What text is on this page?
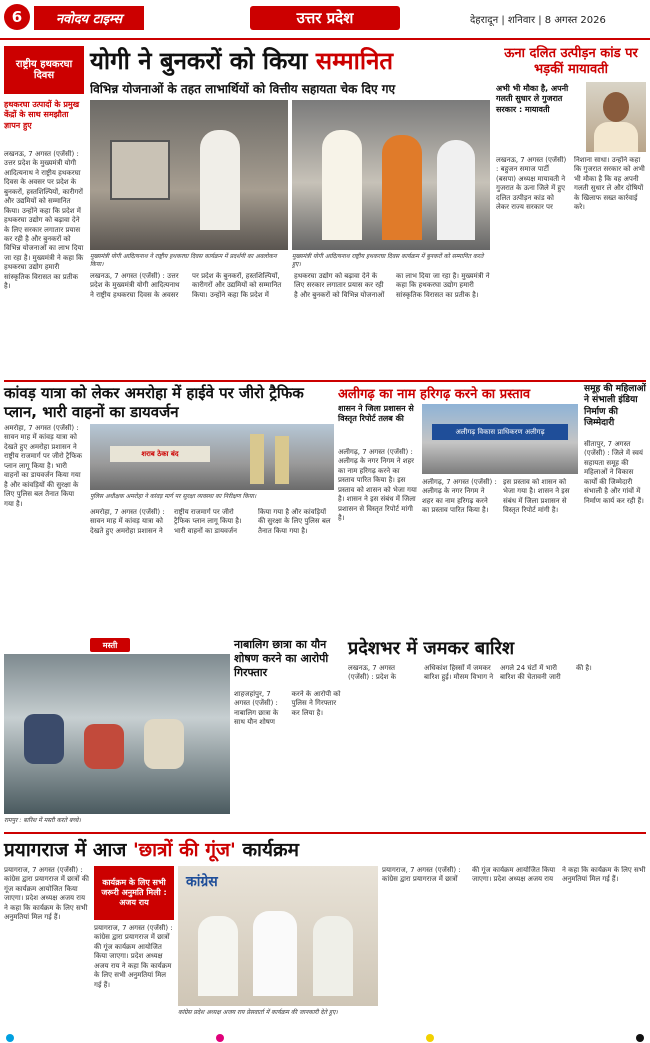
6	नवोदय टाइम्स	उत्तर प्रदेश	देहरादून | शनिवार | 8 अगस्त 2026
राष्ट्रीय हथकरघा दिवस
योगी ने बुनकरों को किया सम्मानित
विभिन्न योजनाओं के तहत लाभार्थियों को वित्तीय सहायता चेक दिए गए
हथकरघा उत्पादों के प्रमुख केंद्रों के साथ समझौता ज्ञापन हुए
लखनऊ, 7 अगस्त (एजेंसी) : उत्तर प्रदेश के मुख्यमंत्री योगी आदित्यनाथ ने राष्ट्रीय हथकरघा दिवस के अवसर पर प्रदेश के बुनकरों, हस्तशिल्पियों, कारीगरों और उद्यमियों को सम्मानित किया। उन्होंने कहा कि प्रदेश में हथकरघा उद्योग को बढ़ावा देने के लिए सरकार लगातार प्रयास कर रही है और बुनकरों को विभिन्न योजनाओं का लाभ दिया जा रहा है। मुख्यमंत्री ने कहा कि हथकरघा उद्योग हमारी सांस्कृतिक विरासत का प्रतीक है।
मुख्यमंत्री योगी आदित्यनाथ ने राष्ट्रीय हथकरघा दिवस कार्यक्रम में प्रदर्शनी का अवलोकन किया।
मुख्यमंत्री योगी आदित्यनाथ राष्ट्रीय हथकरघा दिवस कार्यक्रम में बुनकरों को सम्मानित करते हुए।
लखनऊ, 7 अगस्त (एजेंसी) : उत्तर प्रदेश के मुख्यमंत्री योगी आदित्यनाथ ने राष्ट्रीय हथकरघा दिवस के अवसर पर प्रदेश के बुनकरों, हस्तशिल्पियों, कारीगरों और उद्यमियों को सम्मानित किया। उन्होंने कहा कि प्रदेश में हथकरघा उद्योग को बढ़ावा देने के लिए सरकार लगातार प्रयास कर रही है और बुनकरों को विभिन्न योजनाओं का लाभ दिया जा रहा है। मुख्यमंत्री ने कहा कि हथकरघा उद्योग हमारी सांस्कृतिक विरासत का प्रतीक है।
ऊना दलित उत्पीड़न कांड पर भड़कीं मायावती
अभी भी मौका है, अपनी गलती सुधार ले गुजरात सरकार : मायावती
लखनऊ, 7 अगस्त (एजेंसी) : बहुजन समाज पार्टी (बसपा) अध्यक्ष मायावती ने गुजरात के ऊना जिले में हुए दलित उत्पीड़न कांड को लेकर राज्य सरकार पर निशाना साधा। उन्होंने कहा कि गुजरात सरकार को अभी भी मौका है कि वह अपनी गलती सुधार ले और दोषियों के खिलाफ सख्त कार्रवाई करे।
कांवड़ यात्रा को लेकर अमरोहा में हाईवे पर जीरो ट्रैफिक प्लान, भारी वाहनों का डायवर्जन
अमरोहा, 7 अगस्त (एजेंसी) : सावन माह में कांवड़ यात्रा को देखते हुए अमरोहा प्रशासन ने राष्ट्रीय राजमार्ग पर जीरो ट्रैफिक प्लान लागू किया है। भारी वाहनों का डायवर्जन किया गया है और कांवड़ियों की सुरक्षा के लिए पुलिस बल तैनात किया गया है।
शराब ठेका बंद
पुलिस अधीक्षक अमरोहा ने कांवड़ मार्ग पर सुरक्षा व्यवस्था का निरीक्षण किया।
अमरोहा, 7 अगस्त (एजेंसी) : सावन माह में कांवड़ यात्रा को देखते हुए अमरोहा प्रशासन ने राष्ट्रीय राजमार्ग पर जीरो ट्रैफिक प्लान लागू किया है। भारी वाहनों का डायवर्जन किया गया है और कांवड़ियों की सुरक्षा के लिए पुलिस बल तैनात किया गया है।
अलीगढ़ का नाम हरिगढ़ करने का प्रस्ताव
शासन ने जिला प्रशासन से विस्तृत रिपोर्ट तलब की
अलीगढ़, 7 अगस्त (एजेंसी) : अलीगढ़ के नगर निगम ने शहर का नाम हरिगढ़ करने का प्रस्ताव पारित किया है। इस प्रस्ताव को शासन को भेजा गया है। शासन ने इस संबंध में जिला प्रशासन से विस्तृत रिपोर्ट मांगी है।
अलीगढ़ विकास प्राधिकरण अलीगढ़
अलीगढ़, 7 अगस्त (एजेंसी) : अलीगढ़ के नगर निगम ने शहर का नाम हरिगढ़ करने का प्रस्ताव पारित किया है। इस प्रस्ताव को शासन को भेजा गया है। शासन ने इस संबंध में जिला प्रशासन से विस्तृत रिपोर्ट मांगी है।
समूह की महिलाओं ने संभाली इंडिया निर्माण की जिम्मेदारी
सीतापुर, 7 अगस्त (एजेंसी) : जिले में स्वयं सहायता समूह की महिलाओं ने विकास कार्यों की जिम्मेदारी संभाली है और गांवों में निर्माण कार्य कर रही हैं।
मस्ती
रामपुर : बारिश में मस्ती करते बच्चे।
नाबालिग छात्रा का यौन शोषण करने का आरोपी गिरफ्तार
शाहजहांपुर, 7 अगस्त (एजेंसी) : नाबालिग छात्रा के साथ यौन शोषण करने के आरोपी को पुलिस ने गिरफ्तार कर लिया है।
प्रदेशभर में जमकर बारिश
लखनऊ, 7 अगस्त (एजेंसी) : प्रदेश के अधिकांश हिस्सों में जमकर बारिश हुई। मौसम विभाग ने अगले 24 घंटों में भारी बारिश की चेतावनी जारी की है।
प्रयागराज में आज 'छात्रों की गूंज' कार्यक्रम
प्रयागराज, 7 अगस्त (एजेंसी) : कांग्रेस द्वारा प्रयागराज में छात्रों की गूंज कार्यक्रम आयोजित किया जाएगा। प्रदेश अध्यक्ष अजय राय ने कहा कि कार्यक्रम के लिए सभी अनुमतियां मिल गई हैं।
कार्यक्रम के लिए सभी जरूरी अनुमति मिली : अजय राय
प्रयागराज, 7 अगस्त (एजेंसी) : कांग्रेस द्वारा प्रयागराज में छात्रों की गूंज कार्यक्रम आयोजित किया जाएगा। प्रदेश अध्यक्ष अजय राय ने कहा कि कार्यक्रम के लिए सभी अनुमतियां मिल गई हैं।
कांग्रेस
कांग्रेस प्रदेश अध्यक्ष अजय राय प्रेसवार्ता में कार्यक्रम की जानकारी देते हुए।
प्रयागराज, 7 अगस्त (एजेंसी) : कांग्रेस द्वारा प्रयागराज में छात्रों की गूंज कार्यक्रम आयोजित किया जाएगा। प्रदेश अध्यक्ष अजय राय ने कहा कि कार्यक्रम के लिए सभी अनुमतियां मिल गई हैं।
